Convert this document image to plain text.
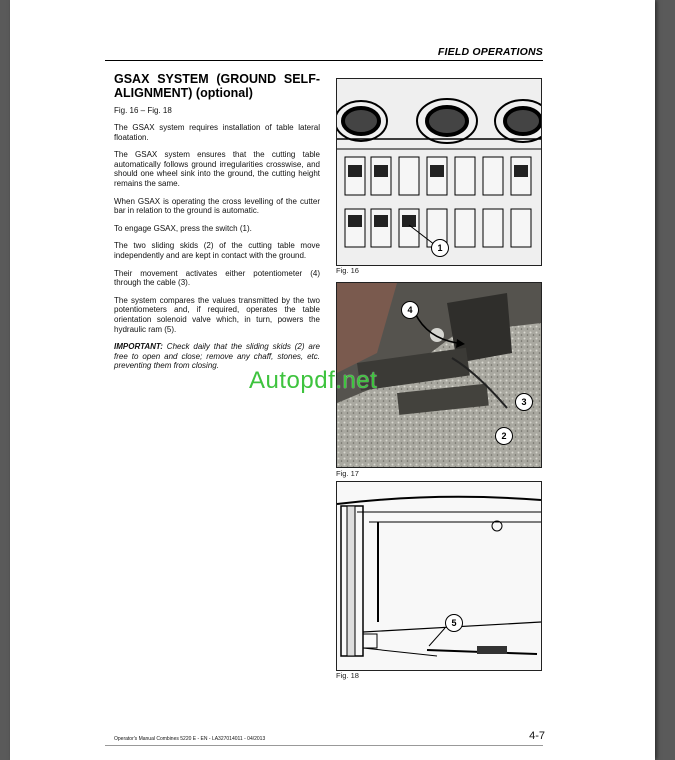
FIELD OPERATIONS
GSAX SYSTEM (GROUND SELF-ALIGNMENT) (optional)
Fig. 16 – Fig. 18

The GSAX system requires installation of table lateral floatation.

The GSAX system ensures that the cutting table automatically follows ground irregularities crosswise, and should one wheel sink into the ground, the cutting height remains the same.

When GSAX is operating the cross levelling of the cutter bar in relation to the ground is automatic.

To engage GSAX, press the switch (1).

The two sliding skids (2) of the cutting table move independently and are kept in contact with the ground.

Their movement activates either potentiometer (4) through the cable (3).

The system compares the values transmitted by the two potentiometers and, if required, operates the table orientation solenoid valve which, in turn, powers the hydraulic ram (5).

IMPORTANT: Check daily that the sliding skids (2) are free to open and close; remove any chaff, stones, etc. preventing them from closing.

1
Fig. 16
4
3
2
Fig. 17
5
Fig. 18
Operator's Manual Combines 5220 E - EN - LA327014011 - 04/2013	4-7
Autopdf.net
